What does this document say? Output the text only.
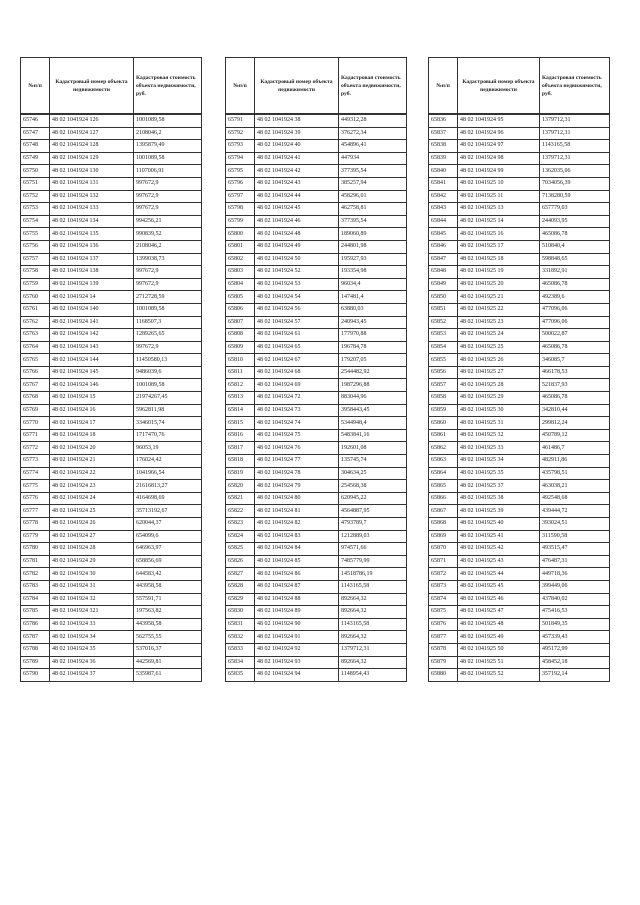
№п/п	Кадастровый номер объекта недвижимости	Кадастровая стоимость объекта недвижимости, руб.
65746	48 02 1041924 126	1001089,58
65747	48 02 1041924 127	2108046,2
65748	48 02 1041924 128	1395879,49
65749	48 02 1041924 129	1001089,58
65750	48 02 1041924 130	1107006,91
65751	48 02 1041924 131	997672,9
65752	48 02 1041924 132	997672,9
65753	48 02 1041924 133	997672,9
65754	48 02 1041924 134	994256,21
65755	48 02 1041924 135	990839,52
65756	48 02 1041924 136	2108046,2
65757	48 02 1041924 137	1399038,73
65758	48 02 1041924 138	997672,9
65759	48 02 1041924 139	997672,9
65760	48 02 1041924 14	2712728,59
65761	48 02 1041924 140	1001089,58
65762	48 02 1041924 141	1168507,3
65763	48 02 1041924 142	1289265,65
65764	48 02 1041924 143	997672,9
65765	48 02 1041924 144	11450580,13
65766	48 02 1041924 145	9486039,6
65767	48 02 1041924 146	1001089,58
65768	48 02 1041924 15	21974267,45
65769	48 02 1041924 16	5962811,98
65770	48 02 1041924 17	3346015,74
65771	48 02 1041924 18	1717470,76
65772	48 02 1041924 20	96053,19
65773	48 02 1041924 21	176024,42
65774	48 02 1041924 22	1041966,54
65775	48 02 1041924 23	21616813,27
65776	48 02 1041924 24	4164698,69
65777	48 02 1041924 25	35713192,67
65778	48 02 1041924 26	620044,37
65779	48 02 1041924 27	654099,6
65780	48 02 1041924 28	646963,97
65781	48 02 1041924 29	658856,69
65782	48 02 1041924 30	644583,42
65783	48 02 1041924 31	443958,58
65784	48 02 1041924 32	557591,71
65785	48 02 1041924 321	197563,82
65786	48 02 1041924 33	443958,58
65787	48 02 1041924 34	562755,55
65788	48 02 1041924 35	537016,37
65789	48 02 1041924 36	442569,81
65790	48 02 1041924 37	535987,61
№п/п	Кадастровый номер объекта недвижимости	Кадастровая стоимость объекта недвижимости, руб.
65791	48 02 1041924 38	449312,28
65792	48 02 1041924 39	376272,34
65793	48 02 1041924 40	454896,41
65794	48 02 1041924 41	447934
65795	48 02 1041924 42	377395,54
65796	48 02 1041924 43	385257,94
65797	48 02 1041924 44	458296,01
65798	48 02 1041924 45	462758,81
65799	48 02 1041924 46	377395,54
65800	48 02 1041924 48	189060,89
65801	48 02 1041924 49	244801,98
65802	48 02 1041924 50	195927,93
65803	48 02 1041924 52	193354,98
65804	48 02 1041924 53	96034,4
65805	48 02 1041924 54	147481,4
65806	48 02 1041924 56	63880,03
65807	48 02 1041924 57	240943,45
65808	48 02 1041924 61	177970,88
65809	48 02 1041924 65	196784,78
65810	48 02 1041924 67	179207,05
65811	48 02 1041924 68	2544482,92
65812	48 02 1041924 69	1987296,88
65813	48 02 1041924 72	883044,96
65814	48 02 1041924 73	3958443,45
65815	48 02 1041924 74	5344948,4
65816	48 02 1041924 75	5483841,16
65817	48 02 1041924 76	192601,08
65818	48 02 1041924 77	135745,74
65819	48 02 1041924 78	304634,25
65820	48 02 1041924 79	254568,38
65821	48 02 1041924 80	620945,22
65822	48 02 1041924 81	4564887,95
65823	48 02 1041924 82	4793789,7
65824	48 02 1041924 83	1212889,03
65825	48 02 1041924 84	974571,66
65826	48 02 1041924 85	7485779,99
65827	48 02 1041924 86	14518786,19
65828	48 02 1041924 87	1143165,58
65829	48 02 1041924 88	892664,32
65830	48 02 1041924 89	892664,32
65831	48 02 1041924 90	1143165,58
65832	48 02 1041924 91	892664,32
65833	48 02 1041924 92	1379712,31
65834	48 02 1041924 93	892664,32
65835	48 02 1041924 94	1148954,43
№п/п	Кадастровый номер объекта недвижимости	Кадастровая стоимость объекта недвижимости, руб.
65836	48 02 1041924 95	1379712,31
65837	48 02 1041924 96	1379712,31
65838	48 02 1041924 97	1143165,58
65839	48 02 1041924 98	1379712,31
65840	48 02 1041924 99	1362035,06
65841	48 02 1041925 10	7034056,39
65842	48 02 1041925 11	7138280,59
65843	48 02 1041925 13	657779,03
65844	48 02 1041925 14	244093,95
65845	48 02 1041925 16	465086,78
65846	48 02 1041925 17	510840,4
65847	48 02 1041925 18	598848,65
65848	48 02 1041925 19	331892,91
65849	48 02 1041925 20	465086,78
65850	48 02 1041925 21	492389,6
65851	48 02 1041925 22	477096,06
65852	48 02 1041925 23	477096,06
65853	48 02 1041925 24	500022,87
65854	48 02 1041925 25	465086,78
65855	48 02 1041925 26	346085,7
65856	48 02 1041925 27	466178,53
65857	48 02 1041925 28	521837,93
65858	48 02 1041925 29	465086,78
65859	48 02 1041925 30	342810,44
65860	48 02 1041925 31	299812,24
65861	48 02 1041925 32	450789,12
65862	48 02 1041925 33	461486,7
65863	48 02 1041925 34	482911,86
65864	48 02 1041925 35	435798,51
65865	48 02 1041925 37	463038,21
65866	48 02 1041925 38	492548,68
65867	48 02 1041925 39	439444,72
65868	48 02 1041925 40	393024,51
65869	48 02 1041925 41	311590,58
65870	48 02 1041925 42	493515,47
65871	48 02 1041925 43	476487,31
65872	48 02 1041925 44	449718,36
65873	48 02 1041925 45	399449,06
65874	48 02 1041925 46	437840,02
65875	48 02 1041925 47	475416,53
65876	48 02 1041925 48	501849,35
65877	48 02 1041925 49	457339,43
65878	48 02 1041925 50	495172,99
65879	48 02 1041925 51	458452,18
65880	48 02 1041925 52	357192,14
